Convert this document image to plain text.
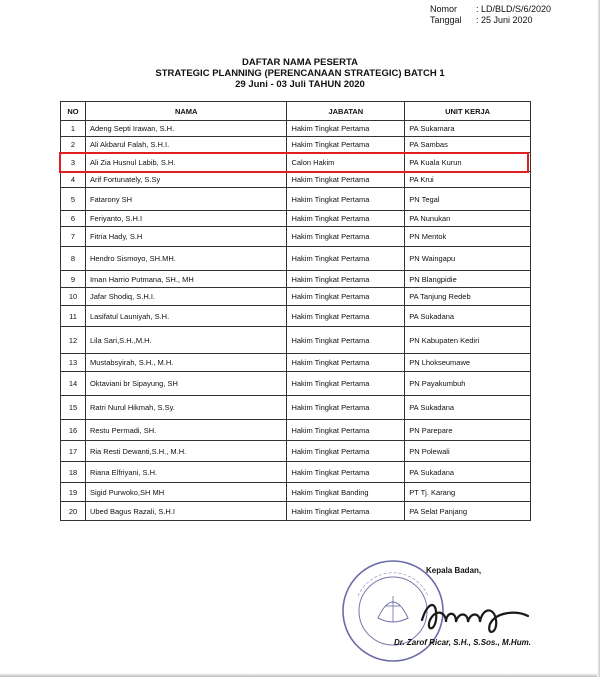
Nomor	: LD/BLD/S/6/2020
Tanggal	: 25 Juni 2020
DAFTAR NAMA PESERTA
STRATEGIC PLANNING (PERENCANAAN STRATEGIC) BATCH 1
29 Juni - 03 Juli TAHUN 2020
NO	NAMA	JABATAN	UNIT KERJA
1	Adeng Septi Irawan, S.H.	Hakim Tingkat Pertama	PA Sukamara
2	Ali Akbarul Falah, S.H.I.	Hakim Tingkat Pertama	PA Sambas
3	Ali Zia Husnul Labib, S.H.	Calon Hakim	PA Kuala Kurun
4	Arif Fortunately, S.Sy	Hakim Tingkat Pertama	PA Krui
5	Fatarony SH	Hakim Tingkat Pertama	PN Tegal
6	Feriyanto, S.H.I	Hakim Tingkat Pertama	PA Nunukan
7	Fitria Hady, S.H	Hakim Tingkat Pertama	PN Mentok
8	Hendro Sismoyo, SH.MH.	Hakim Tingkat Pertama	PN Waingapu
9	Iman Harrio Putmana, SH., MH	Hakim Tingkat Pertama	PN Blangpidie
10	Jafar Shodiq, S.H.I.	Hakim Tingkat Pertama	PA Tanjung Redeb
11	Lasifatul Launiyah, S.H.	Hakim Tingkat Pertama	PA Sukadana
12	Lila Sari,S.H.,M.H.	Hakim Tingkat Pertama	PN Kabupaten Kediri
13	Mustabsyirah, S.H., M.H.	Hakim Tingkat Pertama	PN Lhokseumawe
14	Oktaviani br Sipayung, SH	Hakim Tingkat Pertama	PN Payakumbuh
15	Ratri Nurul Hikmah, S.Sy.	Hakim Tingkat Pertama	PA Sukadana
16	Restu Permadi, SH.	Hakim Tingkat Pertama	PN Parepare
17	Ria Resti Dewanti,S.H., M.H.	Hakim Tingkat Pertama	PN Polewali
18	Riana Elfriyani, S.H.	Hakim Tingkat Pertama	PA Sukadana
19	Sigid Purwoko,SH MH	Hakim Tingkat Banding	PT Tj. Karang
20	Ubed Bagus Razali, S.H.I	Hakim Tingkat Pertama	PA Selat Panjang
Kepala Badan,
Dr. Zarof Ricar, S.H., S.Sos., M.Hum.
